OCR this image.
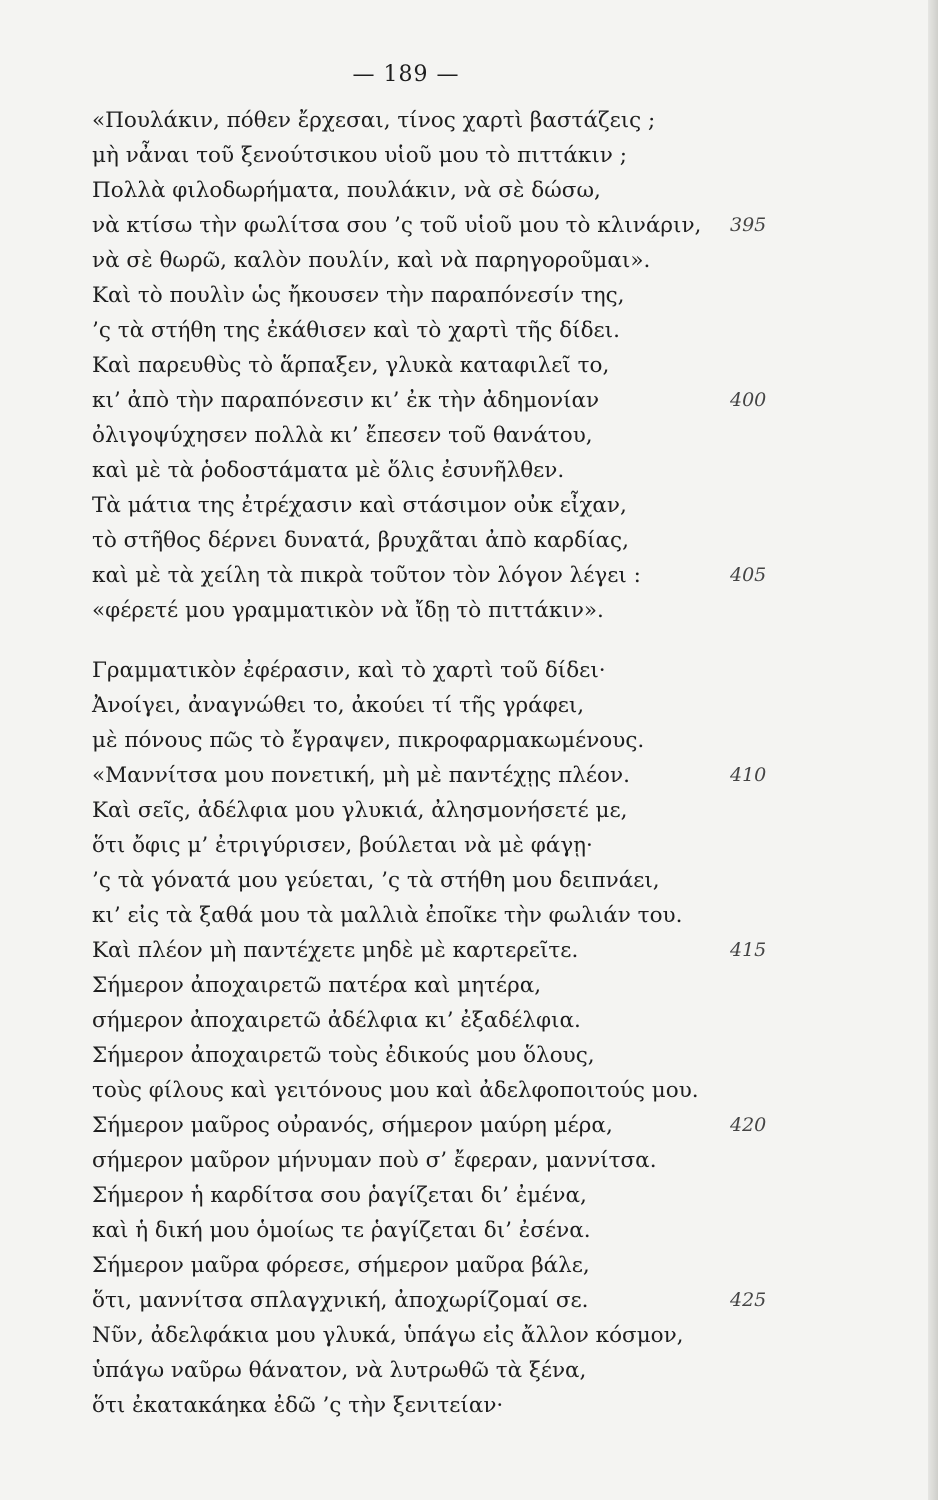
— 189 —
«Πουλάκιν, πόθεν ἔρχεσαι, τίνος χαρτὶ βαστάζεις ;
μὴ νἆναι τοῦ ξενούτσικου υἱοῦ μου τὸ πιττάκιν ;
Πολλὰ φιλοδωρήματα, πουλάκιν, νὰ σὲ δώσω,
νὰ κτίσω τὴν φωλίτσα σου ’ς τοῦ υἱοῦ μου τὸ κλινάριν,
νὰ σὲ θωρῶ, καλὸν πουλίν, καὶ νὰ παρηγοροῦμαι».
Καὶ τὸ πουλὶν ὡς ἤκουσεν τὴν παραπόνεσίν της,
’ς τὰ στήθη της ἐκάθισεν καὶ τὸ χαρτὶ τῆς δίδει.
Καὶ παρευθὺς τὸ ἅρπαξεν, γλυκὰ καταφιλεῖ το,
κι’ ἀπὸ τὴν παραπόνεσιν κι’ ἐκ τὴν ἀδημονίαν
ὀλιγοψύχησεν πολλὰ κι’ ἔπεσεν τοῦ θανάτου,
καὶ μὲ τὰ ῥοδοστάματα μὲ ὅλις ἐσυνῆλθεν.
Τὰ μάτια της ἐτρέχασιν καὶ στάσιμον οὐκ εἶχαν,
τὸ στῆθος δέρνει δυνατά, βρυχᾶται ἀπὸ καρδίας,
καὶ μὲ τὰ χείλη τὰ πικρὰ τοῦτον τὸν λόγον λέγει :
«φέρετέ μου γραμματικὸν νὰ ἴδῃ τὸ πιττάκιν».
Γραμματικὸν ἐφέρασιν, καὶ τὸ χαρτὶ τοῦ δίδει·
Ἀνοίγει, ἀναγνώθει το, ἀκούει τί τῆς γράφει,
μὲ πόνους πῶς τὸ ἔγραψεν, πικροφαρμακωμένους.
«Μαννίτσα μου πονετική, μὴ μὲ παντέχῃς πλέον.
Καὶ σεῖς, ἀδέλφια μου γλυκιά, ἀλησμονήσετέ με,
ὅτι ὄφις μ’ ἐτριγύρισεν, βούλεται νὰ μὲ φάγῃ·
’ς τὰ γόνατά μου γεύεται, ’ς τὰ στήθη μου δειπνάει,
κι’ εἰς τὰ ξαθά μου τὰ μαλλιὰ ἐποῖκε τὴν φωλιάν του.
Καὶ πλέον μὴ παντέχετε μηδὲ μὲ καρτερεῖτε.
Σήμερον ἀποχαιρετῶ πατέρα καὶ μητέρα,
σήμερον ἀποχαιρετῶ ἀδέλφια κι’ ἐξαδέλφια.
Σήμερον ἀποχαιρετῶ τοὺς ἐδικούς μου ὅλους,
τοὺς φίλους καὶ γειτόνους μου καὶ ἀδελφοποιτούς μου.
Σήμερον μαῦρος οὐρανός, σήμερον μαύρη μέρα,
σήμερον μαῦρον μήνυμαν ποὺ σ’ ἔφεραν, μαννίτσα.
Σήμερον ἡ καρδίτσα σου ῥαγίζεται δι’ ἐμένα,
καὶ ἡ δική μου ὁμοίως τε ῥαγίζεται δι’ ἐσένα.
Σήμερον μαῦρα φόρεσε, σήμερον μαῦρα βάλε,
ὅτι, μαννίτσα σπλαγχνική, ἀποχωρίζομαί σε.
Νῦν, ἀδελφάκια μου γλυκά, ὑπάγω εἰς ἄλλον κόσμον,
ὑπάγω ναῦρω θάνατον, νὰ λυτρωθῶ τὰ ξένα,
ὅτι ἐκατακάηκα ἐδῶ ’ς τὴν ξενιτείαν·
395
400
405
410
415
420
425
